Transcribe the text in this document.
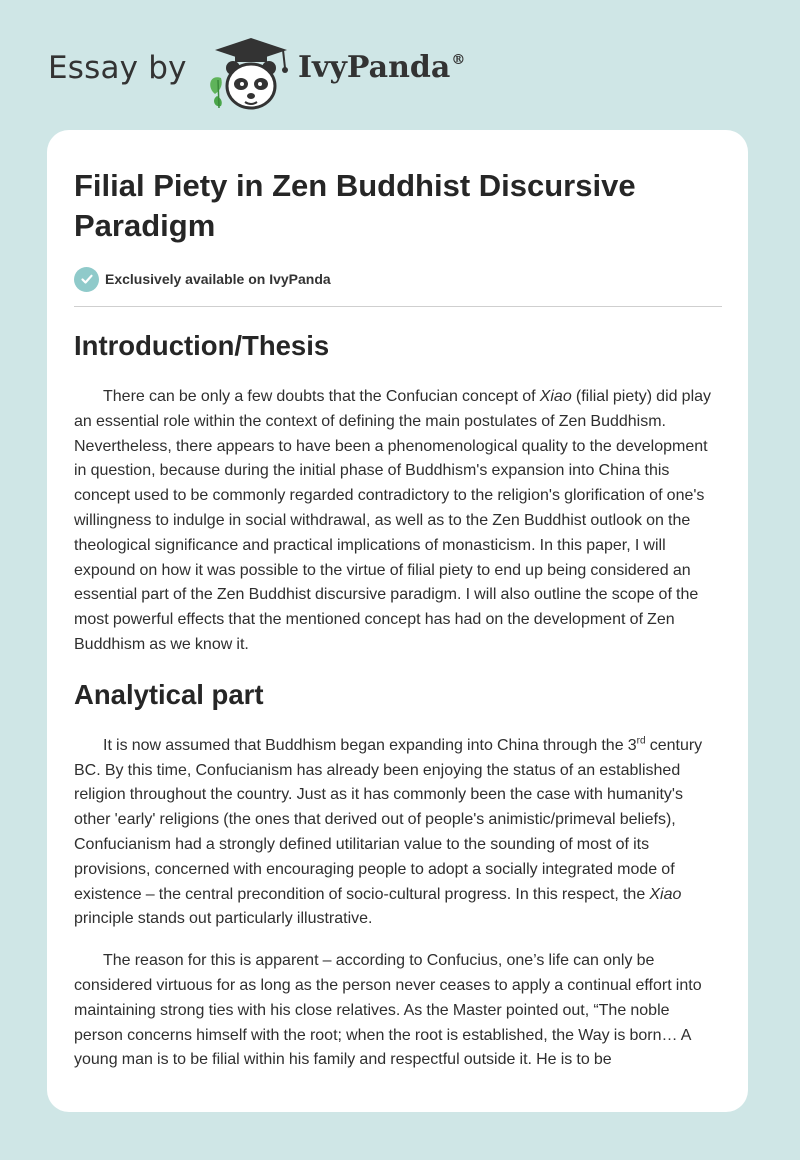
Essay by	IvyPanda®
Filial Piety in Zen Buddhist Discursive Paradigm
Exclusively available on IvyPanda
Introduction/Thesis

There can be only a few doubts that the Confucian concept of Xiao (filial piety) did play an essential role within the context of defining the main postulates of Zen Buddhism. Nevertheless, there appears to have been a phenomenological quality to the development in question, because during the initial phase of Buddhism's expansion into China this concept used to be commonly regarded contradictory to the religion's glorification of one's willingness to indulge in social withdrawal, as well as to the Zen Buddhist outlook on the theological significance and practical implications of monasticism. In this paper, I will expound on how it was possible to the virtue of filial piety to end up being considered an essential part of the Zen Buddhist discursive paradigm. I will also outline the scope of the most powerful effects that the mentioned concept has had on the development of Zen Buddhism as we know it.

Analytical part

It is now assumed that Buddhism began expanding into China through the 3rd century BC. By this time, Confucianism has already been enjoying the status of an established religion throughout the country. Just as it has commonly been the case with humanity's other 'early' religions (the ones that derived out of people's animistic/primeval beliefs), Confucianism had a strongly defined utilitarian value to the sounding of most of its provisions, concerned with encouraging people to adopt a socially integrated mode of existence – the central precondition of socio-cultural progress. In this respect, the Xiao principle stands out particularly illustrative.

The reason for this is apparent – according to Confucius, one’s life can only be considered virtuous for as long as the person never ceases to apply a continual effort into maintaining strong ties with his close relatives. As the Master pointed out, “The noble person concerns himself with the root; when the root is established, the Way is born… A young man is to be filial within his family and respectful outside it. He is to be
